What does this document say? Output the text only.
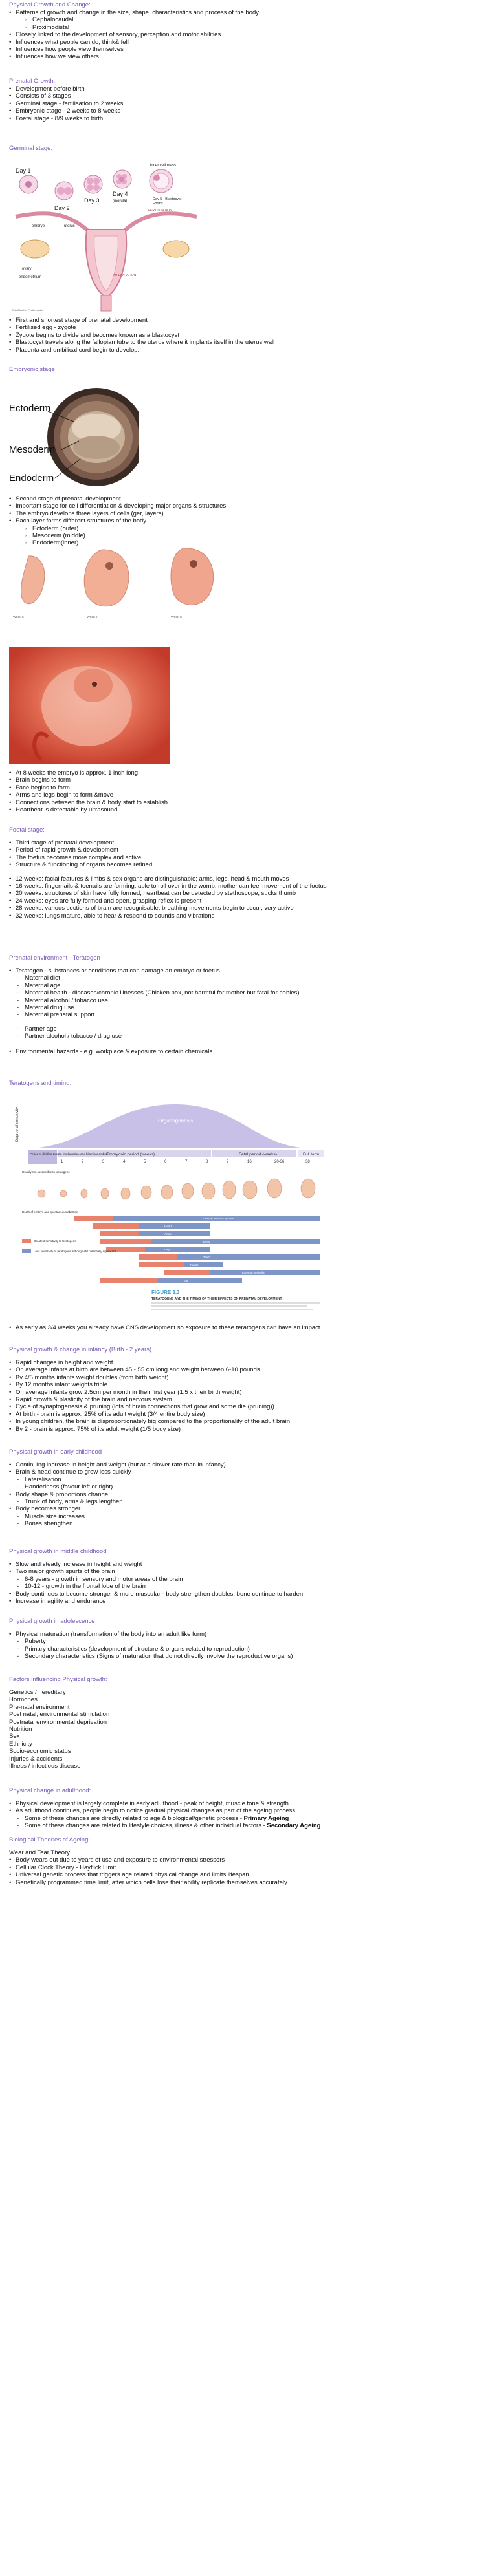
Physical Growth and Change:

• Patterns of growth and change in the size, shape, characteristics and process of the body
◦ Cephalocaudal
◦ Proximodistal
• Closely linked to the development of sensory, perception and motor abilities.
• Influences what people can do, think& fell
• Influences how people view themselves
• Influences how we view others

Prenatal Growth:

• Development before birth
• Consists of 3 stages
• Germinal stage - fertilisation to 2 weeks
• Embryonic stage - 2 weeks to 8 weeks
• Foetal stage - 8/9 weeks to birth

Germinal stage:

Day 1
Day 2
Day 3
Day 4
(morula)
inner cell mass
Day 5 - Blastocyst
Forms
FERTILISATION
embryo	uterus
ovary
endometrium	IMPLANTATION
Cells/Reuther Fertile.media
• First and shortest stage of prenatal development
• Fertilised egg - zygote
• Zygote begins to divide and becomes known as a blastocyst
• Blastocyst travels along the fallopian tube to the uterus where it implants itself in the uterus wall
• Placenta and umbilical cord begin to develop.

Embryonic stage

Ectoderm
Mesoderm
Endoderm
• Second stage of prenatal development
• Important stage for cell differentiation & developing major organs & structures
• The embryo develops three layers of cells (ger, layers)
• Each layer forms different structures of the body
◦ Ectoderm (outer)
◦ Mesoderm (middle)
◦ Endoderm(inner)
Week 5	Week 7	Week 8
• At 8 weeks the embryo is approx. 1 inch long
• Brain begins to form
• Face begins to form
• Arms and legs begin to form &move
• Connections between the brain & body start to establish
• Heartbeat is detectable by ultrasound

Foetal stage:

• Third stage of prenatal development
• Period of rapid growth & development
• The foetus becomes more complex and active
• Structure & functioning of organs becomes refined
• 12 weeks: facial features & limbs & sex organs are distinguishable; arms, legs, head & mouth moves
• 16 weeks: fingernails & toenails are forming, able to roll over in the womb, mother can feel movement of the foetus
• 20 weeks: structures of skin have fully formed, heartbeat can be detected by stethoscope, sucks thumb
• 24 weeks: eyes are fully formed and open, grasping reflex is present
• 28 weeks: various sections of brain are recognisable, breathing movements begin to occur, very active
• 32 weeks: lungs mature, able to hear & respond to sounds and vibrations

Prenatal environment - Teratogen

• Teratogen - substances or conditions that can damage an embryo or foetus
- Maternal diet
- Maternal age
- Maternal health - diseases/chronic illnesses (Chicken pox, not harmful for mother but fatal for babies)
- Maternal alcohol / tobacco use
- Maternal drug use
- Maternal prenatal support
- Partner age
- Partner alcohol / tobacco / drug use
• Environmental hazards - e.g. workplace & exposure to certain chemicals

Teratogens and timing:

Organogenesis
Degree of sensitivity
Period of dividing zygote, implantation, and bilaminar embryo
Embryonic period (weeks)	Fetal period (weeks)	Full term
1	2	3	4	5	6	7	8	9	16	20-36	38
Usually not susceptible to teratogens
Death of embryo and spontaneous abortion
Central nervous system
Heart
Arms
Eyes
Legs
Teeth
Palate
External genitalia
Ear
Greatest sensitivity to teratogens
Less sensitivity to teratogens although still potentially significant
FIGURE 3.3
TERATOGENS AND THE TIMING OF THEIR EFFECTS ON PRENATAL DEVELOPMENT.
• As early as 3/4 weeks you already have CNS development so exposure to these teratogens can have an impact.

Physical growth & change in infancy (Birth - 2 years)

• Rapid changes in height and weight
• On average infants at birth are between 45 - 55 cm long and weight between 6-10 pounds
• By 4/5 months infants weight doubles (from birth weight)
• By 12 months infant weights triple
• On average infants grow 2.5cm per month in their first year (1.5 x their birth weight)
• Rapid growth & plasticity of the brain and nervous system
• Cycle of synaptogenesis & pruning (lots of brain connections that grow and some die (pruning))
• At birth - brain is approx. 25% of its adult weight (3/4 entire body size)
• In young children, the brain is disproportionately big compared to the proportionality of the adult brain.
• By 2 - brain is approx. 75% of its adult weight (1/5 body size)

Physical growth in early childhood

• Continuing increase in height and weight (but at a slower rate than in infancy)
• Brain & head continue to grow less quickly
- Lateralisation
- Handedness (favour left or right)
• Body shape & proportions change
- Trunk of body, arms & legs lengthen
• Body becomes stronger
- Muscle size increases
- Bones strengthen

Physical growth in middle childhood

• Slow and steady increase in height and weight
• Two major growth spurts of the brain
- 6-8 years - growth in sensory and motor areas of the brain
- 10-12 - growth in the frontal lobe of the brain
• Body continues to become stronger & more muscular - body strengthen doubles; bone continue to harden
• Increase in agility and endurance

Physical growth in adolescence

• Physical maturation (transformation of the body into an adult like form)
- Puberty
- Primary characteristics (development of structure & organs related to reproduction)
- Secondary characteristics (Signs of maturation that do not directly involve the reproductive organs)

Factors influencing Physical growth:

Genetics / hereditary
Hormones
Pre-natal environment
Post natal; environmental stimulation
Postnatal environmental deprivation
Nutrition
Sex
Ethnicity
Socio-economic status
Injuries & accidents
Illness / infectious disease

Physical change in adulthood:

• Physical development is largely complete in early adulthood - peak of height, muscle tone & strength
• As adulthood continues, people begin to notice gradual physical changes as part of the ageing process
- Some of these changes are directly related to age & biological/genetic process - Primary Ageing
- Some of these changes are related to lifestyle choices, illness & other individual factors - Secondary Ageing

Biological Theories of Ageing:

Wear and Tear Theory

• Body wears out due to years of use and exposure to environmental stressors
• Cellular Clock Theory - Hayflick Limit
• Universal genetic process that triggers age related physical change and limits lifespan
• Genetically programmed time limit, after which cells lose their ability replicate themselves accurately
